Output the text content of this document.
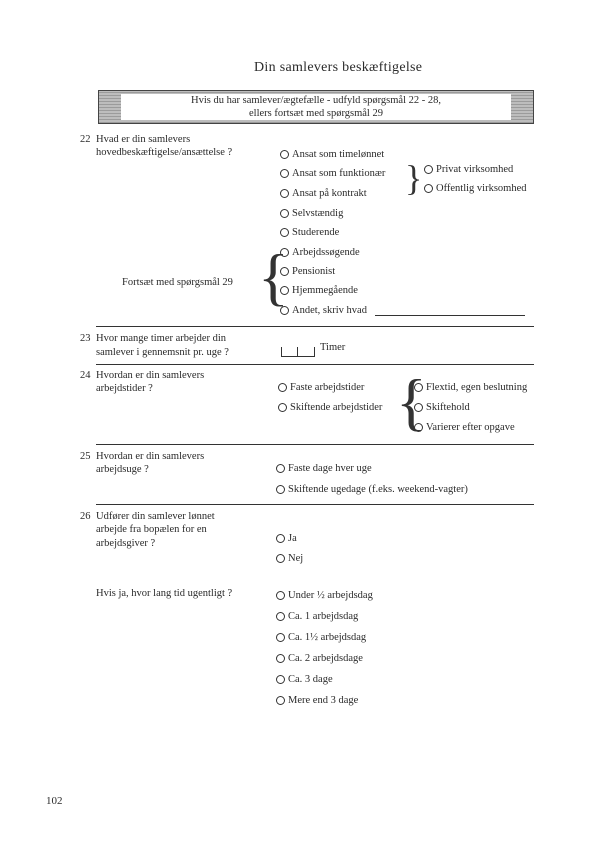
Din samlevers beskæftigelse
Hvis du har samlever/ægtefælle - udfyld spørgsmål 22 - 28,
ellers fortsæt med spørgsmål 29
22 Hvad er din samlevers
hovedbeskæftigelse/ansættelse ?	Ansat som timelønnet
Ansat som funktionær
Ansat på kontrakt
Selvstændig
Studerende
Arbejdssøgende
Pensionist
Hjemmegående
Andet, skriv hvad
} Privat virksomhed
Offentlig virksomhed
Fortsæt med spørgsmål 29 {
23 Hvor mange timer arbejder din
samlever i gennemsnit pr. uge ?	Timer
24 Hvordan er din samlevers
arbejdstider ?	Faste arbejdstider
Skiftende arbejdstider { Flextid, egen beslutning
Skiftehold
Varierer efter opgave
25 Hvordan er din samlevers
arbejdsuge ?	Faste dage hver uge
Skiftende ugedage (f.eks. weekend-vagter)
26 Udfører din samlever lønnet
arbejde fra bopælen for en
arbejdsgiver ?	Ja
Nej
Hvis ja, hvor lang tid ugentligt ?	Under ½ arbejdsdag
Ca. 1 arbejdsdag
Ca. 1½ arbejdsdag
Ca. 2 arbejdsdage
Ca. 3 dage
Mere end 3 dage
102
